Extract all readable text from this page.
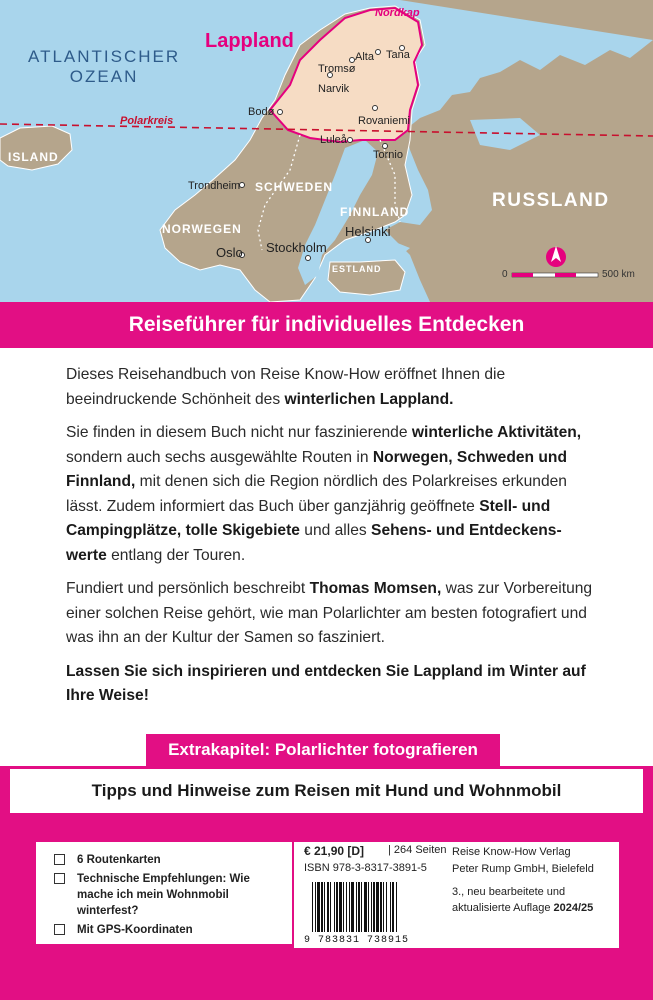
ATLANTISCHER
OZEAN
Lappland
Nordkap
Polarkreis
ISLAND
SCHWEDEN
NORWEGEN
FINNLAND
ESTLAND
RUSSLAND
Tromsø
Alta Tana
Narvik
Bodø
Rovaniemi
Luleå
Tornio
Trondheim
Oslo Stockholm
Helsinki
0	500 km
Reiseführer für individuelles Entdecken

Dieses Reisehandbuch von Reise Know-How eröffnet Ihnen die beeindruckende Schönheit des winterlichen Lappland.

Sie finden in diesem Buch nicht nur faszinierende winterliche Aktivitäten, sondern auch sechs ausgewählte Routen in Norwegen, Schweden und Finnland, mit denen sich die Region nördlich des Polarkreises erkunden lässt. Zudem informiert das Buch über ganzjährig geöffnete Stell- und Campingplätze, tolle Skigebiete und alles Sehens- und Entdeckenswerte entlang der Touren.

Fundiert und persönlich beschreibt Thomas Momsen, was zur Vorbereitung einer solchen Reise gehört, wie man Polarlichter am besten fotografiert und was ihn an der Kultur der Samen so fasziniert.

Lassen Sie sich inspirieren und entdecken Sie Lappland im Winter auf Ihre Weise!

Extrakapitel: Polarlichter fotografieren
Tipps und Hinweise zum Reisen mit Hund und Wohnmobil
6 Routenkarten
Technische Empfehlungen: Wie mache ich mein Wohnmobil winterfest?
Mit GPS-Koordinaten
€ 21,90 [D] | 264 Seiten
ISBN 978-3-8317-3891-5
Reise Know-How Verlag
Peter Rump GmbH, Bielefeld
3., neu bearbeitete und aktualisierte Auflage 2024/25
9 783831 738915
